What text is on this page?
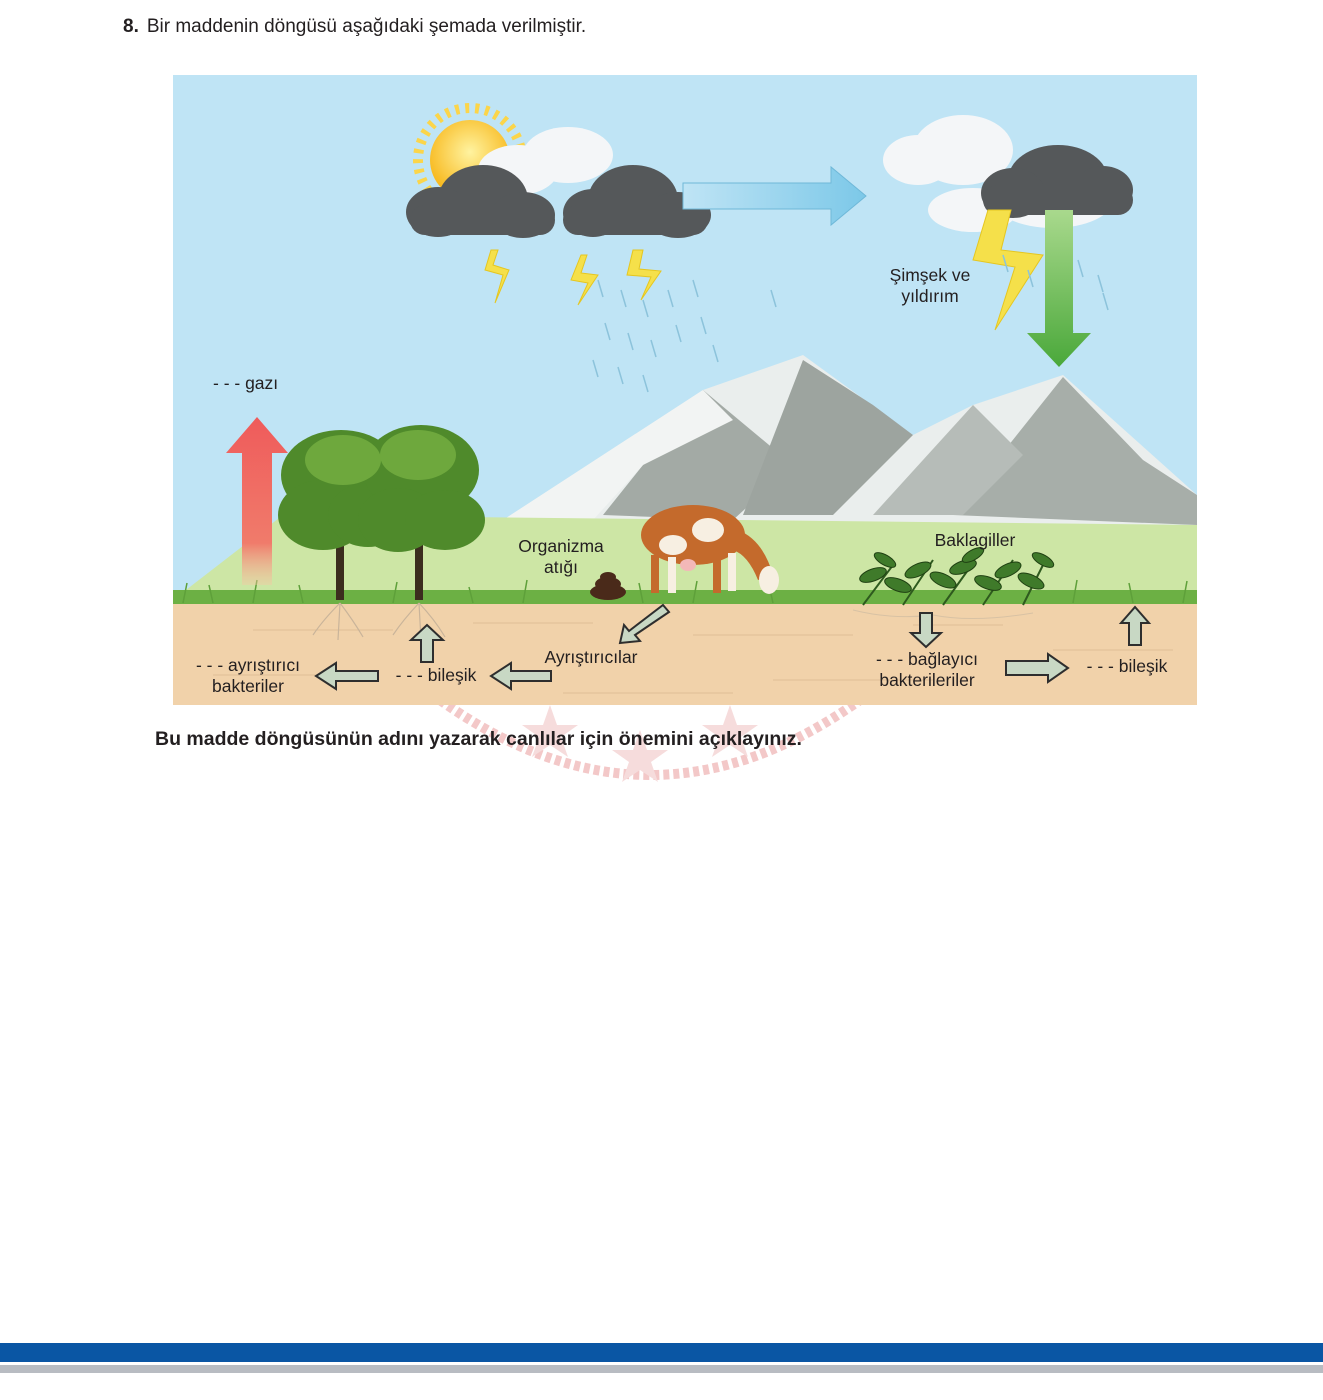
8. Bir maddenin döngüsü aşağıdaki şemada verilmiştir.
- - - gazı
Şimşek ve
yıldırım
Organizma
atığı
Baklagiller
Ayrıştırıcılar
- - - bileşik
- - - ayrıştırıcı
bakteriler
- - - bağlayıcı
bakterileriler
- - - bileşik
Bu madde döngüsünün adını yazarak canlılar için önemini açıklayınız.
